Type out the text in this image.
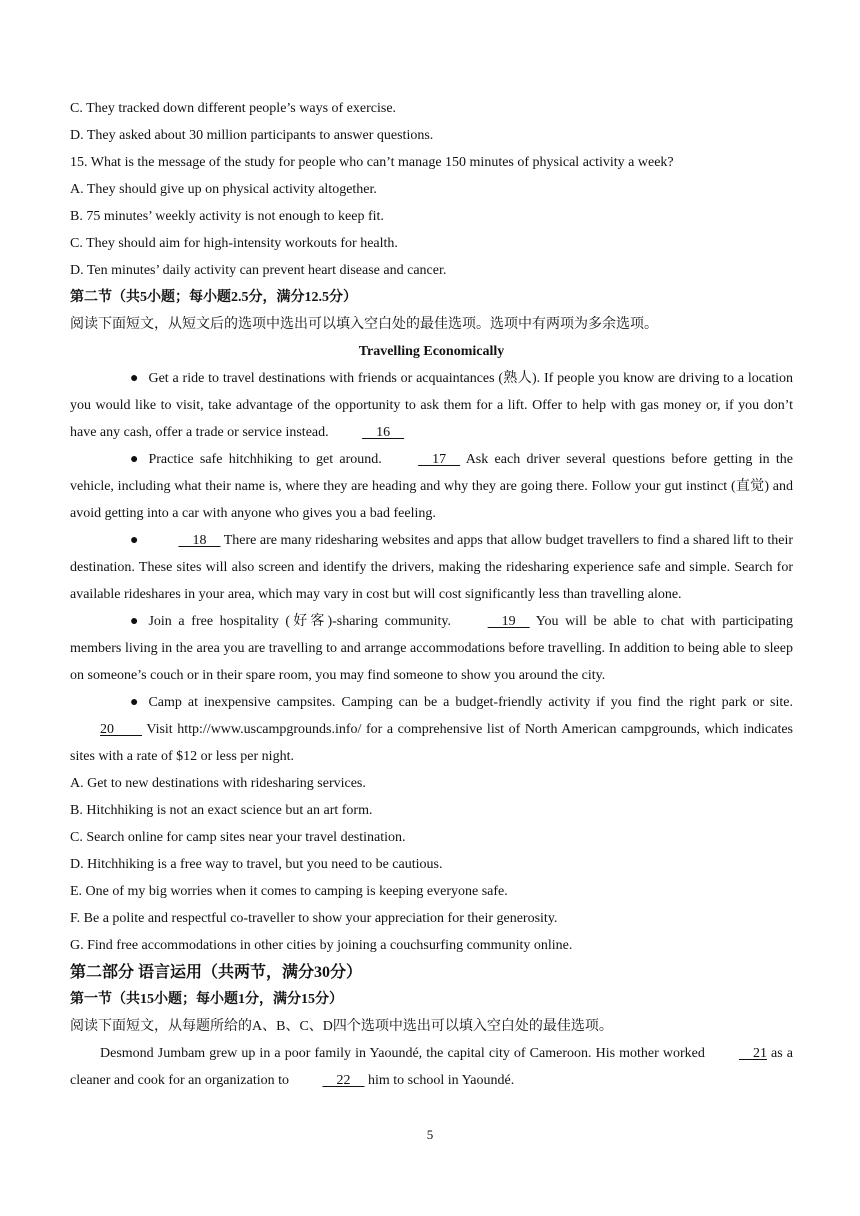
C. They tracked down different people’s ways of exercise.

D. They asked about 30 million participants to answer questions.

15. What is the message of the study for people who can’t manage 150 minutes of physical activity a week?

A. They should give up on physical activity altogether.

B. 75 minutes’ weekly activity is not enough to keep fit.

C. They should aim for high-intensity workouts for health.

D. Ten minutes’ daily activity can prevent heart disease and cancer.

第二节（共5小题；每小题2.5分，满分12.5分）

阅读下面短文，从短文后的选项中选出可以填入空白处的最佳选项。选项中有两项为多余选项。

Travelling Economically

● Get a ride to travel destinations with friends or acquaintances (熟人). If people you know are driving to a location you would like to visit, take advantage of the opportunity to ask them for a lift. Offer to help with gas money or, if you don’t have any cash, offer a trade or service instead.     16

● Practice safe hitchhiking to get around.	17     Ask each driver several questions before getting in the vehicle, including what their name is, where they are heading and why they are going there. Follow your gut instinct (直觉) and avoid getting into a car with anyone who gives you a bad feeling.

●	18     There are many ridesharing websites and apps that allow budget travellers to find a shared lift to their destination. These sites will also screen and identify the drivers, making the ridesharing experience safe and simple. Search for available rideshares in your area, which may vary in cost but will cost significantly less than travelling alone.

● Join a free hospitality (好客)-sharing community.	19     You will be able to chat with participating members living in the area you are travelling to and arrange accommodations before travelling. In addition to being able to sleep on someone’s couch or in their spare room, you may find someone to show you around the city.

● Camp at inexpensive campsites. Camping can be a budget-friendly activity if you find the right park or site. 20         Visit http://www.uscampgrounds.info/ for a comprehensive list of North American campgrounds, which indicates sites with a rate of $12 or less per night.

A. Get to new destinations with ridesharing services.

B. Hitchhiking is not an exact science but an art form.

C. Search online for camp sites near your travel destination.

D. Hitchhiking is a free way to travel, but you need to be cautious.

E. One of my big worries when it comes to camping is keeping everyone safe.

F. Be a polite and respectful co-traveller to show your appreciation for their generosity.

G. Find free accommodations in other cities by joining a couchsurfing community online.

第二部分 语言运用（共两节，满分30分）

第一节（共15小题；每小题1分，满分15分）

阅读下面短文，从每题所给的A、B、C、D四个选项中选出可以填入空白处的最佳选项。

Desmond Jumbam grew up in a poor family in Yaoundé, the capital city of Cameroon. His mother worked     21 as a cleaner and cook for an organization to     22     him to school in Yaoundé.

5
